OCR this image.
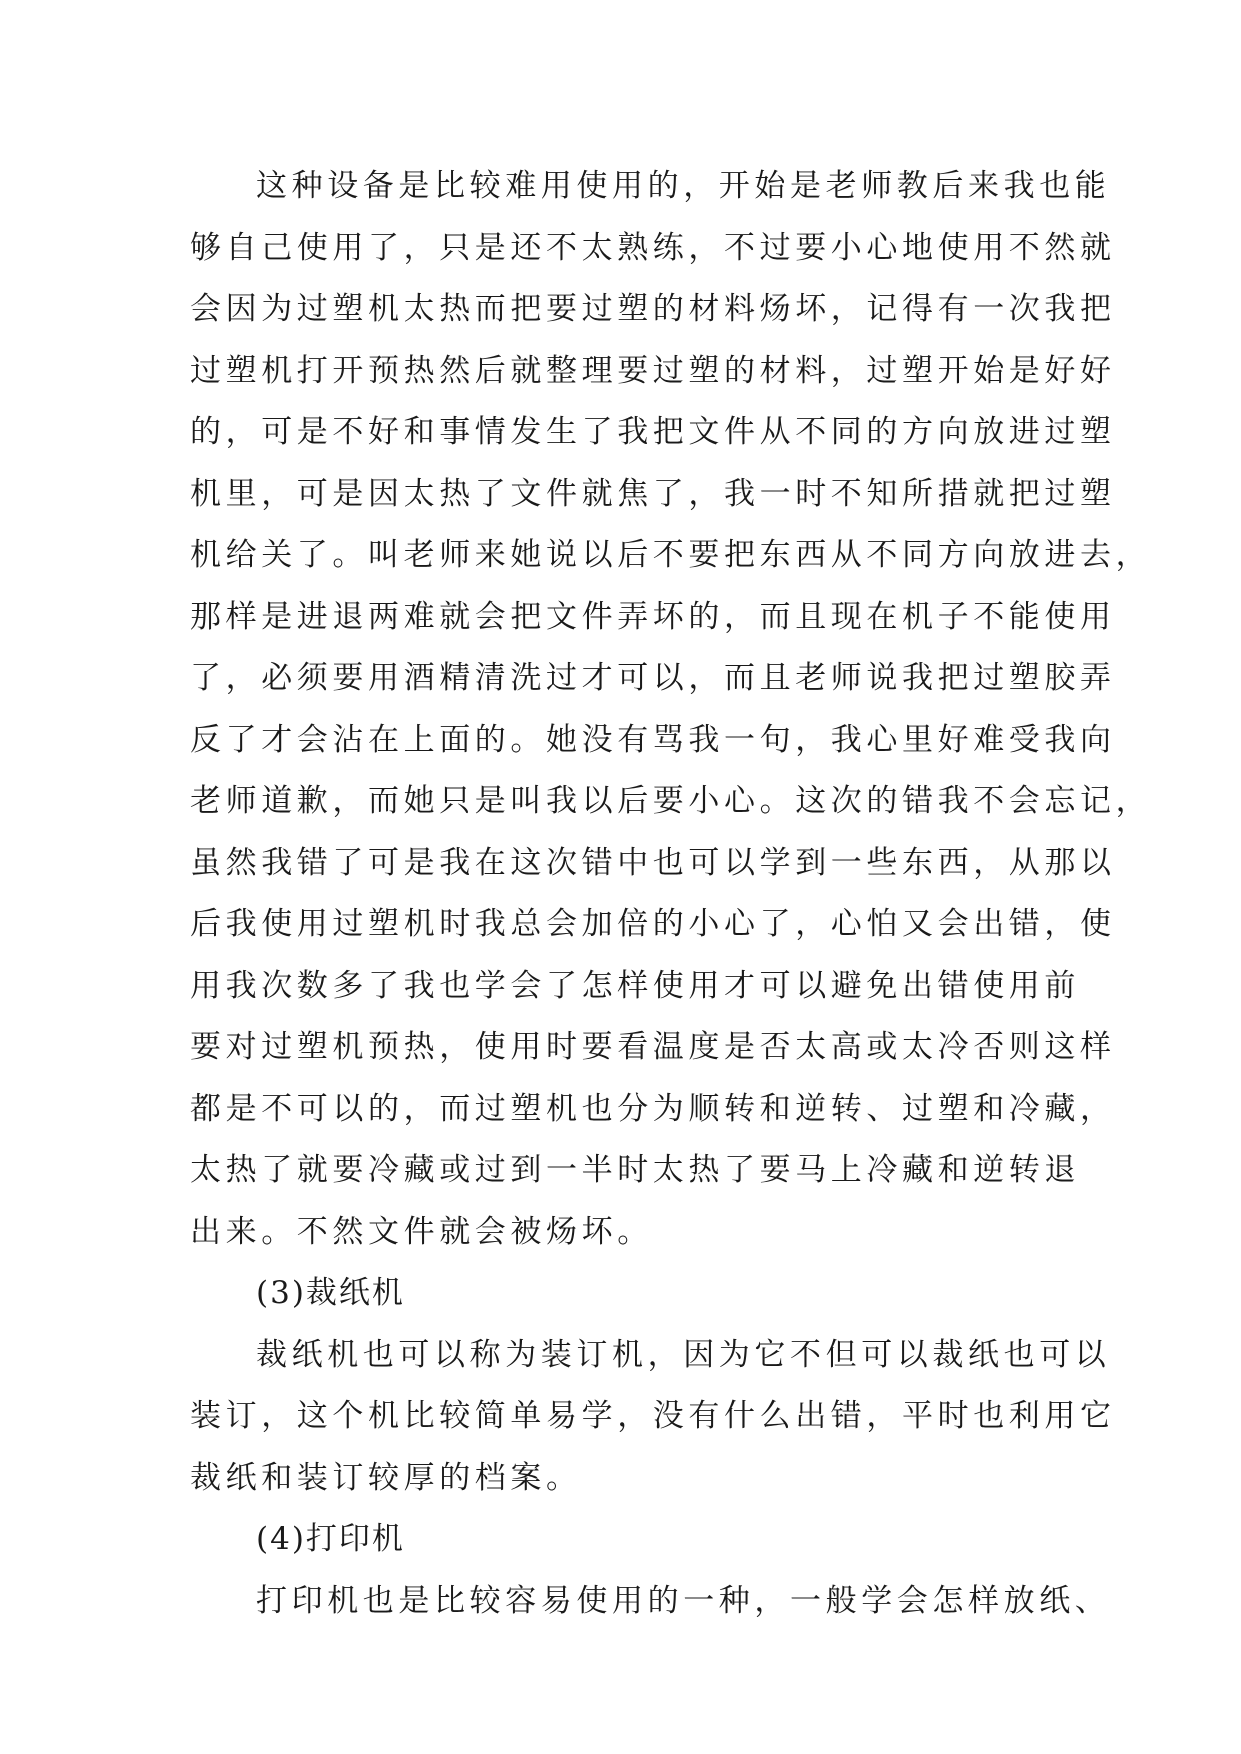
这种设备是比较难用使用的，开始是老师教后来我也能
够自己使用了，只是还不太熟练，不过要小心地使用不然就
会因为过塑机太热而把要过塑的材料炀坏，记得有一次我把
过塑机打开预热然后就整理要过塑的材料，过塑开始是好好
的，可是不好和事情发生了我把文件从不同的方向放进过塑
机里，可是因太热了文件就焦了，我一时不知所措就把过塑
机给关了。叫老师来她说以后不要把东西从不同方向放进去，
那样是进退两难就会把文件弄坏的，而且现在机子不能使用
了，必须要用酒精清洗过才可以，而且老师说我把过塑胶弄
反了才会沾在上面的。她没有骂我一句，我心里好难受我向
老师道歉，而她只是叫我以后要小心。这次的错我不会忘记，
虽然我错了可是我在这次错中也可以学到一些东西，从那以
后我使用过塑机时我总会加倍的小心了，心怕又会出错，使
用我次数多了我也学会了怎样使用才可以避免出错使用前
要对过塑机预热，使用时要看温度是否太高或太冷否则这样
都是不可以的，而过塑机也分为顺转和逆转、过塑和冷藏，
太热了就要冷藏或过到一半时太热了要马上冷藏和逆转退
出来。不然文件就会被炀坏。
(3)裁纸机
裁纸机也可以称为装订机，因为它不但可以裁纸也可以
装订，这个机比较简单易学，没有什么出错，平时也利用它
裁纸和装订较厚的档案。
(4)打印机
打印机也是比较容易使用的一种，一般学会怎样放纸、
